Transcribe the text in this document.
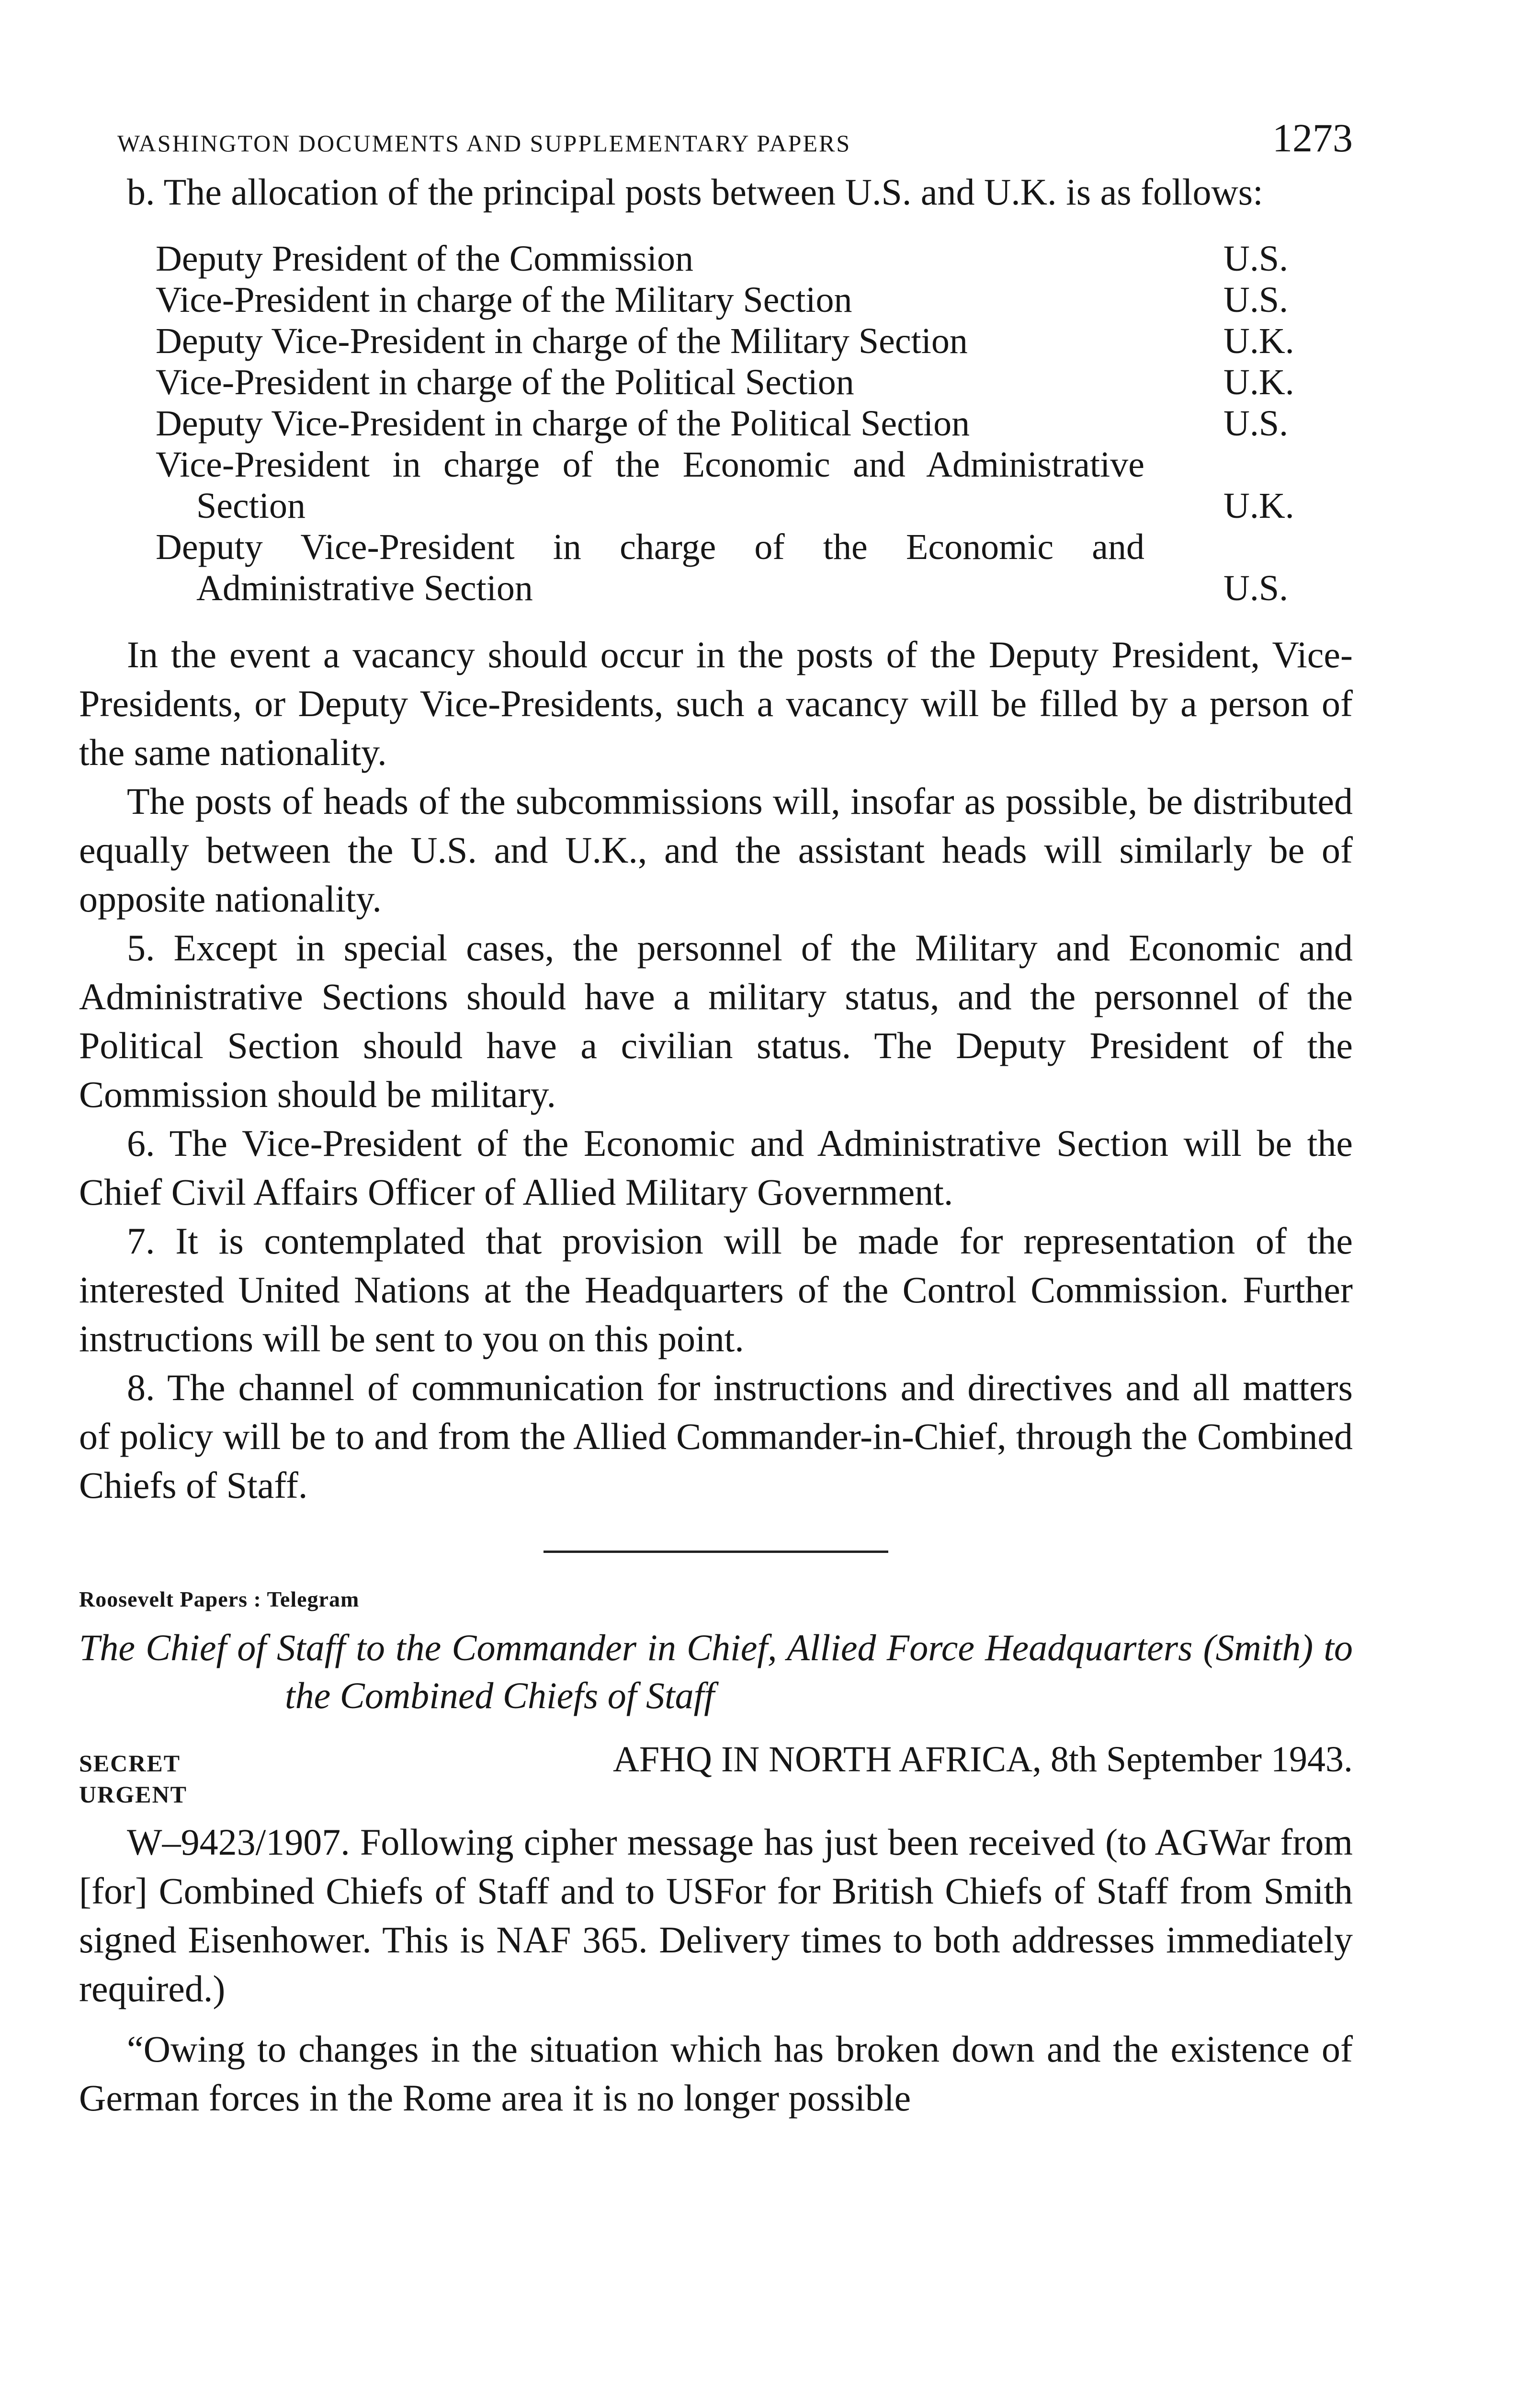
WASHINGTON DOCUMENTS AND SUPPLEMENTARY PAPERS	1273

b. The allocation of the principal posts between U.S. and U.K. is as follows:

Deputy President of the Commission	U.S.
Vice-President in charge of the Military Section	U.S.
Deputy Vice-President in charge of the Military Section	U.K.
Vice-President in charge of the Political Section	U.K.
Deputy Vice-President in charge of the Political Section	U.S.
Vice-President in charge of the Economic and Administrative Section	U.K.
Deputy Vice-President in charge of the Economic and Administrative Section	U.S.

In the event a vacancy should occur in the posts of the Deputy President, Vice-Presidents, or Deputy Vice-Presidents, such a vacancy will be filled by a person of the same nationality.

The posts of heads of the subcommissions will, insofar as possible, be distributed equally between the U.S. and U.K., and the assistant heads will similarly be of opposite nationality.

5. Except in special cases, the personnel of the Military and Economic and Administrative Sections should have a military status, and the personnel of the Political Section should have a civilian status. The Deputy President of the Commission should be military.

6. The Vice-President of the Economic and Administrative Section will be the Chief Civil Affairs Officer of Allied Military Government.

7. It is contemplated that provision will be made for representation of the interested United Nations at the Headquarters of the Control Commission. Further instructions will be sent to you on this point.

8. The channel of communication for instructions and directives and all matters of policy will be to and from the Allied Commander-in-Chief, through the Combined Chiefs of Staff.

Roosevelt Papers : Telegram
The Chief of Staff to the Commander in Chief, Allied Force Headquarters (Smith) to the Combined Chiefs of Staff
SECRET	AFHQ IN NORTH AFRICA, 8th September 1943.
URGENT

W–9423/1907. Following cipher message has just been received (to AGWar from [for] Combined Chiefs of Staff and to USFor for British Chiefs of Staff from Smith signed Eisenhower. This is NAF 365. Delivery times to both addresses immediately required.)

“Owing to changes in the situation which has broken down and the existence of German forces in the Rome area it is no longer possible
